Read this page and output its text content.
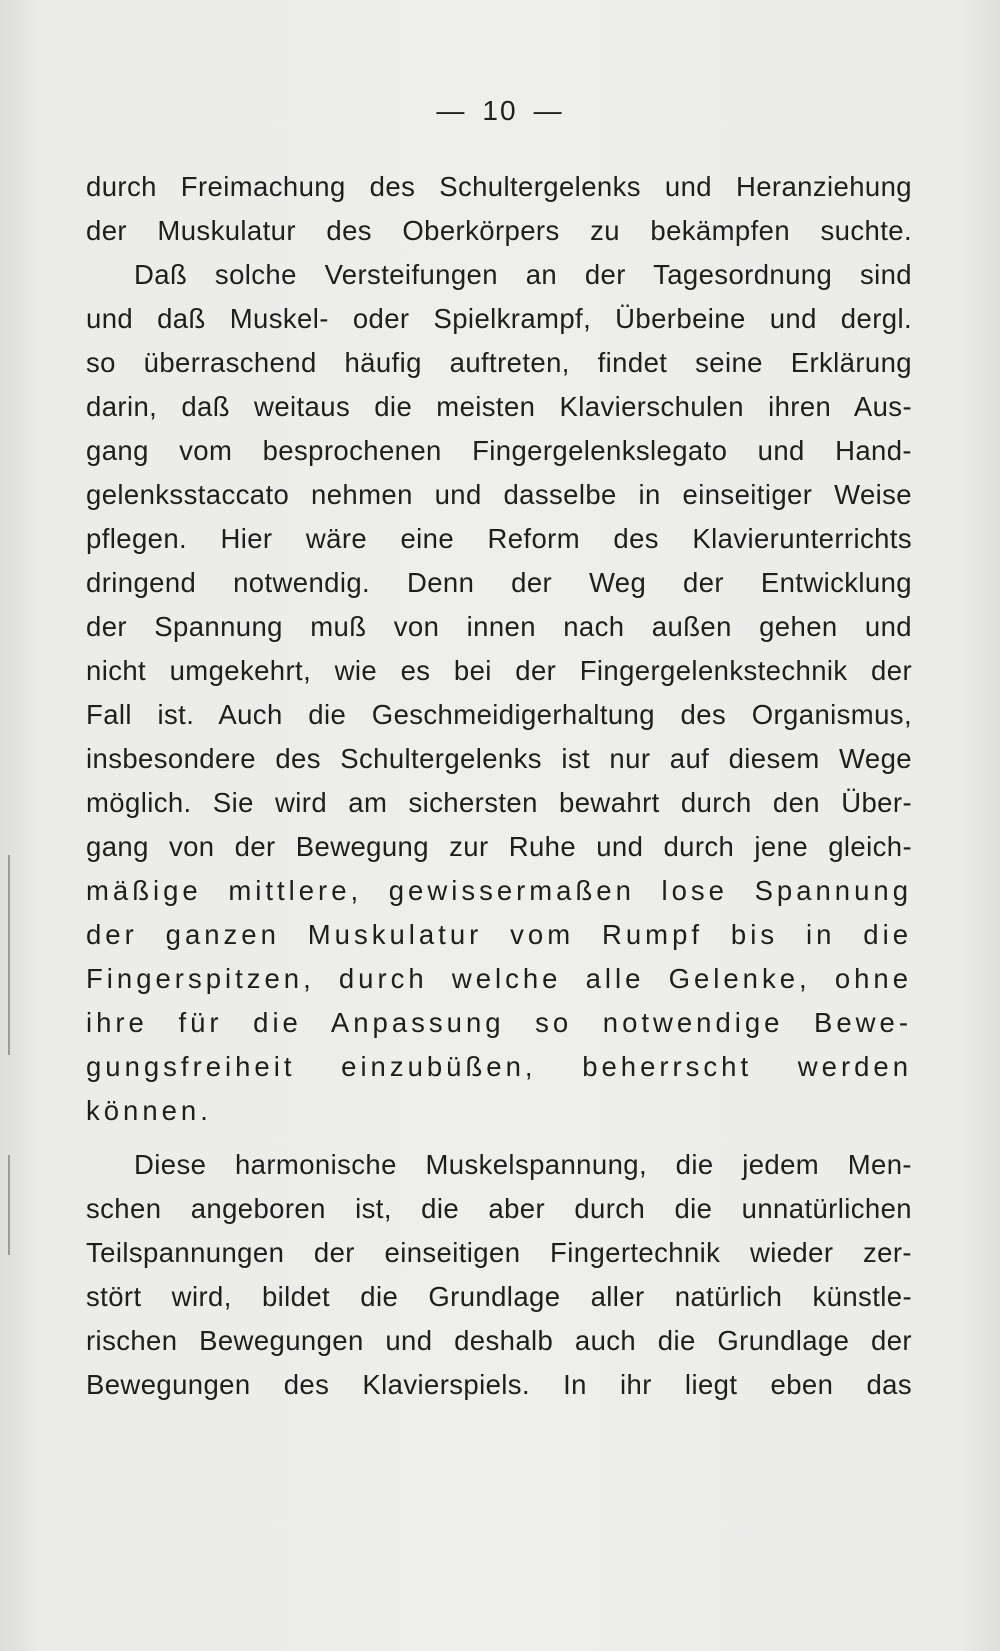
— 10 —
durch Freimachung des Schultergelenks und Heranziehung
der Muskulatur des Oberkörpers zu bekämpfen suchte.
Daß solche Versteifungen an der Tagesordnung sind
und daß Muskel- oder Spielkrampf, Überbeine und dergl.
so überraschend häufig auftreten, findet seine Erklärung
darin, daß weitaus die meisten Klavierschulen ihren Aus-
gang vom besprochenen Fingergelenkslegato und Hand-
gelenksstaccato nehmen und dasselbe in einseitiger Weise
pflegen. Hier wäre eine Reform des Klavierunterrichts
dringend notwendig. Denn der Weg der Entwicklung
der Spannung muß von innen nach außen gehen und
nicht umgekehrt, wie es bei der Fingergelenkstechnik der
Fall ist. Auch die Geschmeidigerhaltung des Organismus,
insbesondere des Schultergelenks ist nur auf diesem Wege
möglich. Sie wird am sichersten bewahrt durch den Über-
gang von der Bewegung zur Ruhe und durch jene gleich-
mäßige mittlere, gewissermaßen lose Spannung
der ganzen Muskulatur vom Rumpf bis in die
Fingerspitzen, durch welche alle Gelenke, ohne
ihre für die Anpassung so notwendige Bewe-
gungsfreiheit einzubüßen, beherrscht werden
können.
Diese harmonische Muskelspannung, die jedem Men-
schen angeboren ist, die aber durch die unnatürlichen
Teilspannungen der einseitigen Fingertechnik wieder zer-
stört wird, bildet die Grundlage aller natürlich künstle-
rischen Bewegungen und deshalb auch die Grundlage der
Bewegungen des Klavierspiels. In ihr liegt eben das
